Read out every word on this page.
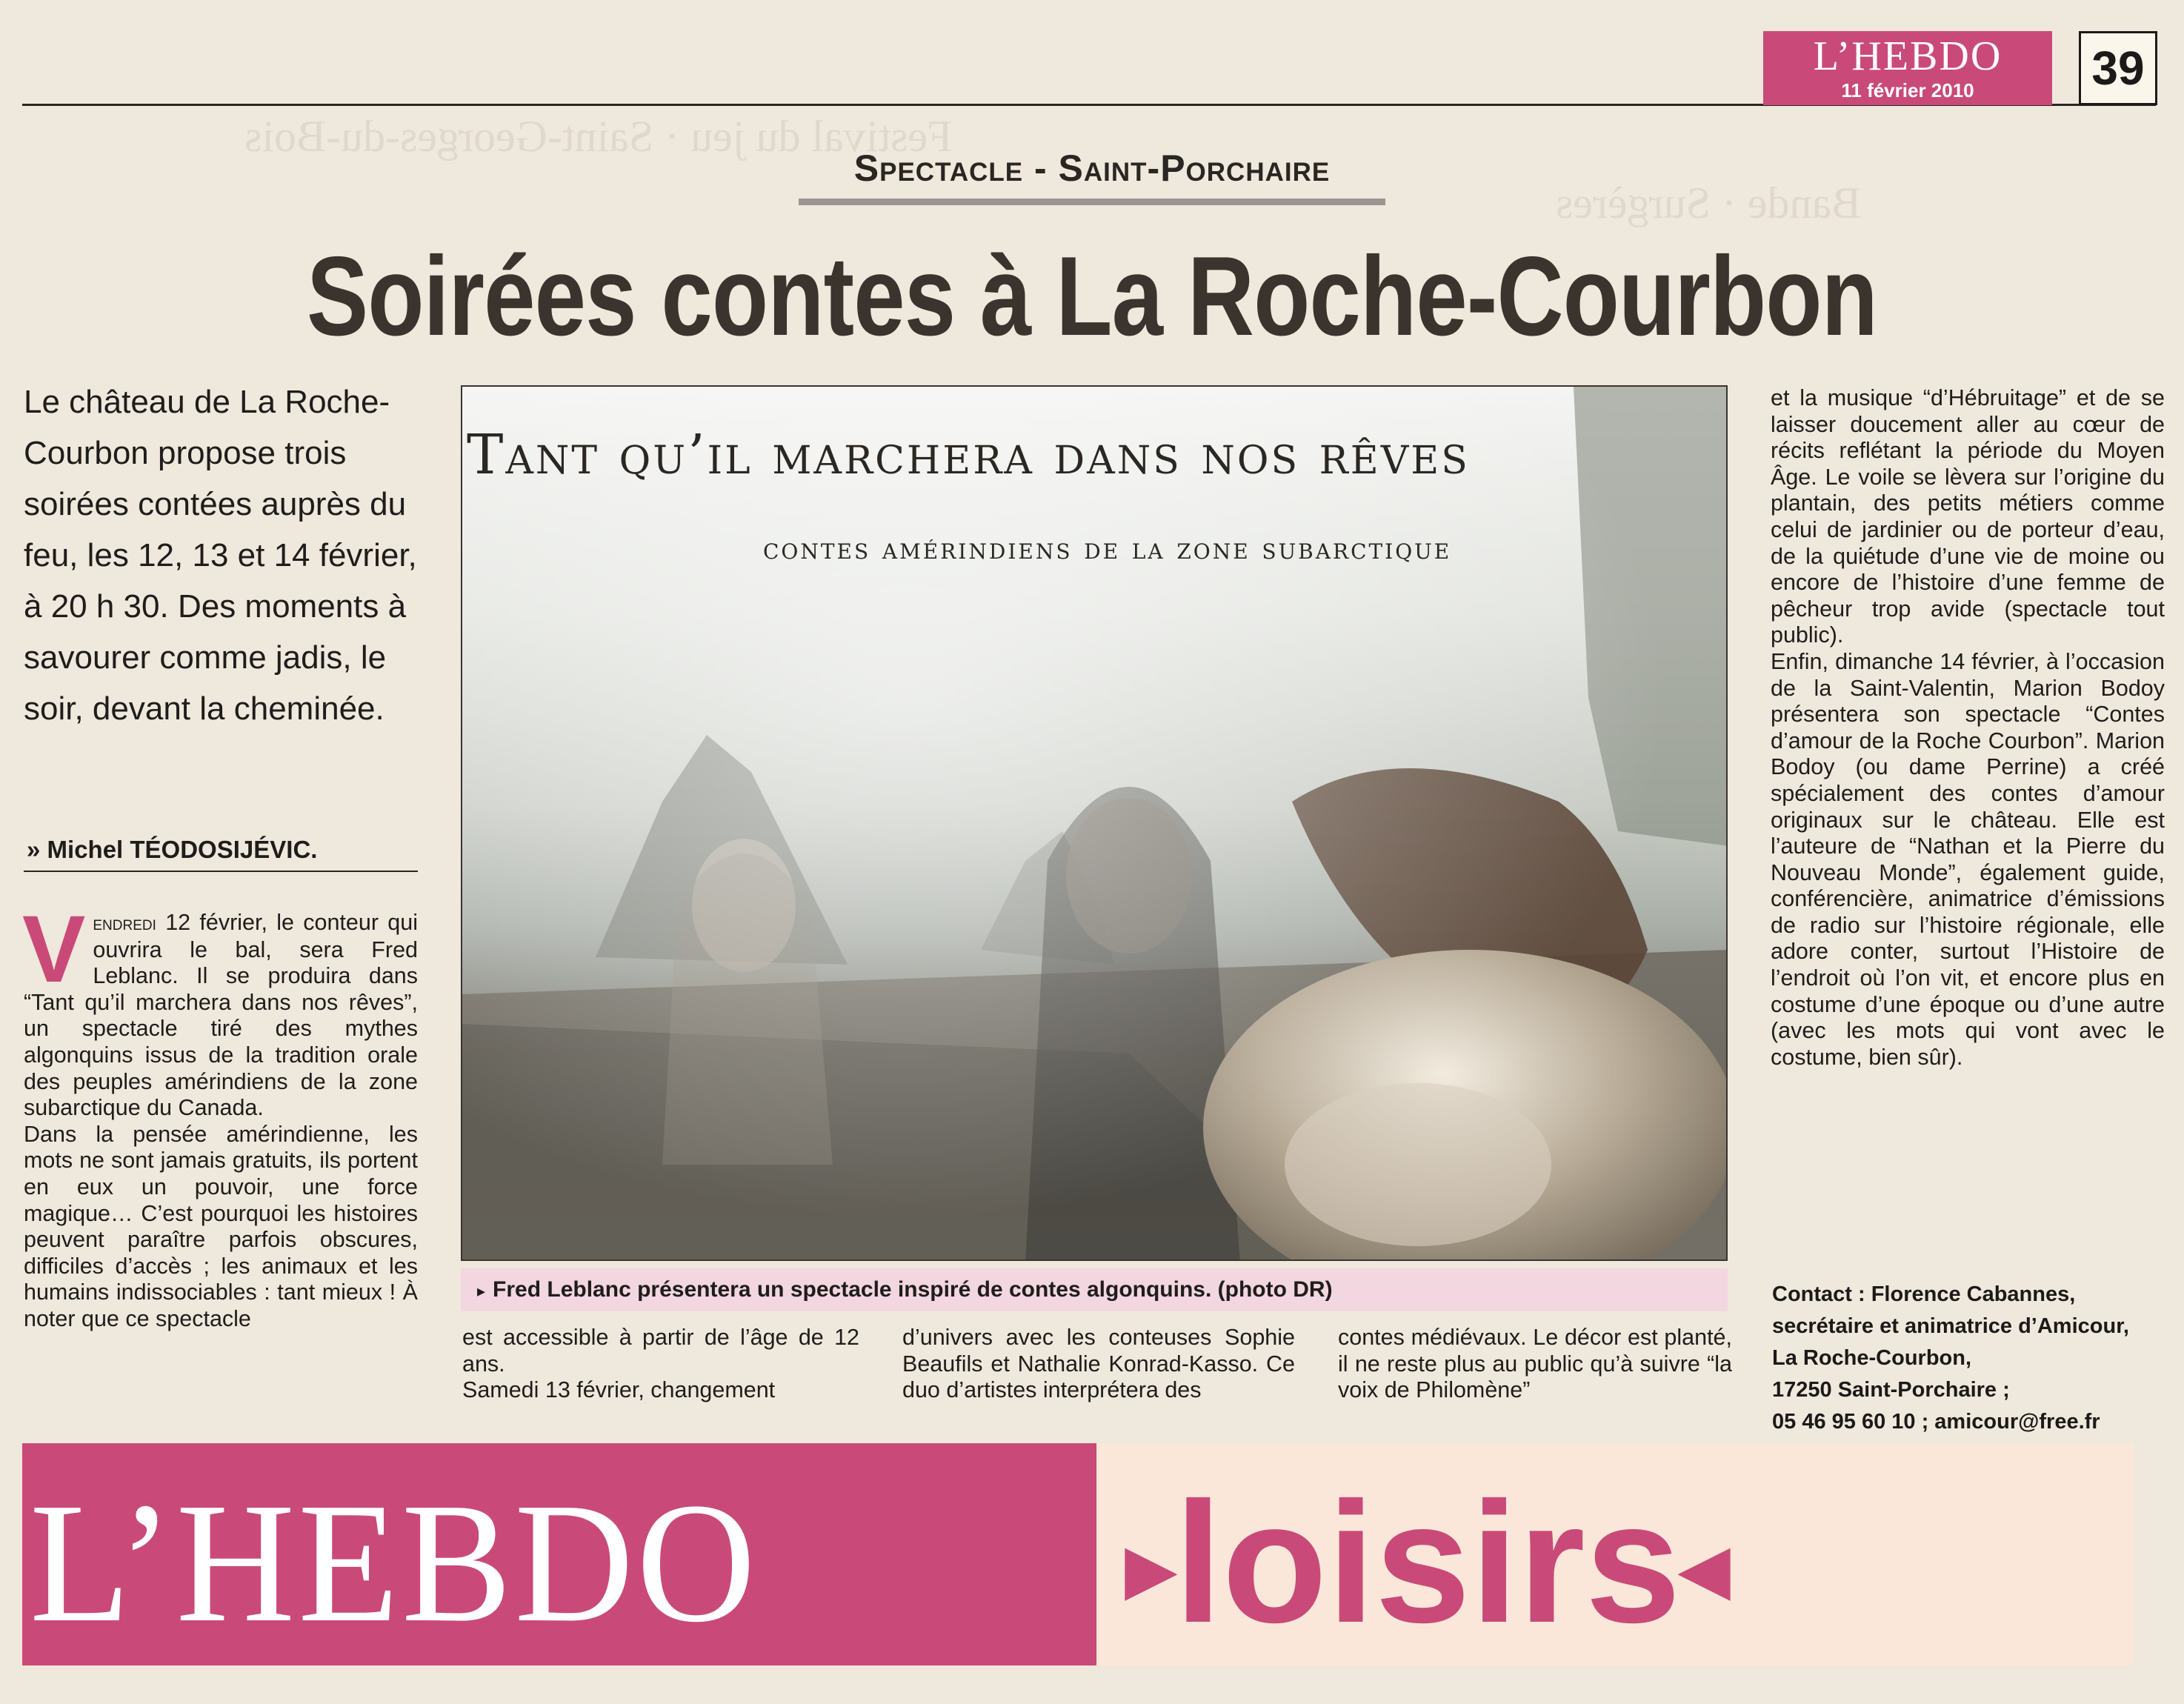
Festival du jeu · Saint-Georges-du-Bois
Bande · Surgères
L’HEBDO
11 février 2010	39
Spectacle - Saint-Porchaire
Soirées contes à La Roche-Courbon

Le château de La Roche-Courbon propose trois soirées contées auprès du feu, les 12, 13 et 14 février, à 20 h 30. Des moments à savourer comme jadis, le soir, devant la cheminée.

» Michel TÉODOSIJÉVIC.

Vendredi 12 février, le conteur qui ouvrira le bal, sera Fred Leblanc. Il se produira dans “Tant qu’il marchera dans nos rêves”, un spectacle tiré des mythes algonquins issus de la tradition orale des peuples amérindiens de la zone subarctique du Canada.

Dans la pensée amérindienne, les mots ne sont jamais gratuits, ils portent en eux un pouvoir, une force magique… C’est pourquoi les histoires peuvent paraître parfois obscures, difficiles d’accès ; les animaux et les humains indissociables : tant mieux ! À noter que ce spectacle

Tant qu’il marchera dans nos rêves
contes amérindiens de la zone subarctique
▸ Fred Leblanc présentera un spectacle inspiré de contes algonquins. (photo DR)

est accessible à partir de l’âge de 12 ans.

Samedi 13 février, changement

d’univers avec les conteuses Sophie Beaufils et Nathalie Konrad-Kasso. Ce duo d’artistes interprétera des

contes médiévaux. Le décor est planté, il ne reste plus au public qu’à suivre “la voix de Philomène”

et la musique “d’Hébruitage” et de se laisser doucement aller au cœur de récits reflétant la période du Moyen Âge. Le voile se lèvera sur l’origine du plantain, des petits métiers comme celui de jardinier ou de porteur d’eau, de la quiétude d’une vie de moine ou encore de l’histoire d’une femme de pêcheur trop avide (spectacle tout public).

Enfin, dimanche 14 février, à l’occasion de la Saint-Valentin, Marion Bodoy présentera son spectacle “Contes d’amour de la Roche Courbon”. Marion Bodoy (ou dame Perrine) a créé spécialement des contes d’amour originaux sur le château. Elle est l’auteure de “Nathan et la Pierre du Nouveau Monde”, également guide, conférencière, animatrice d’émissions de radio sur l’histoire régionale, elle adore conter, surtout l’Histoire de l’endroit où l’on vit, et encore plus en costume d’une époque ou d’une autre (avec les mots qui vont avec le costume, bien sûr).

Contact : Florence Cabannes,
secrétaire et animatrice d’Amicour,
La Roche-Courbon,
17250 Saint-Porchaire ;
05 46 95 60 10 ; amicour@free.fr
L’HEBDO	▸loisirs◂
